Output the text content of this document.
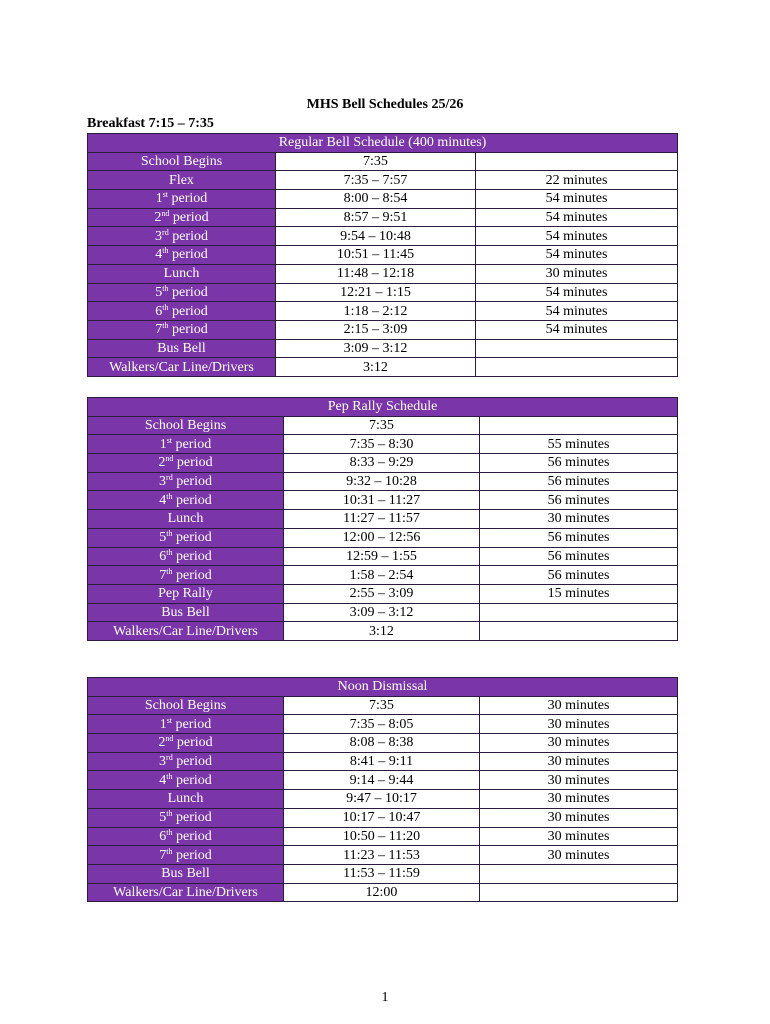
MHS Bell Schedules 25/26
Breakfast 7:15 – 7:35
Regular Bell Schedule (400 minutes)		
School Begins	7:35	
Flex	7:35 – 7:57	22 minutes
1st period	8:00 – 8:54	54 minutes
2nd period	8:57 – 9:51	54 minutes
3rd period	9:54 – 10:48	54 minutes
4th period	10:51 – 11:45	54 minutes
Lunch	11:48 – 12:18	30 minutes
5th period	12:21 – 1:15	54 minutes
6th period	1:18 – 2:12	54 minutes
7th period	2:15 – 3:09	54 minutes
Bus Bell	3:09 – 3:12	
Walkers/Car Line/Drivers	3:12	
Pep Rally Schedule		
School Begins	7:35	
1st period	7:35 – 8:30	55 minutes
2nd period	8:33 – 9:29	56 minutes
3rd period	9:32 – 10:28	56 minutes
4th period	10:31 – 11:27	56 minutes
Lunch	11:27 – 11:57	30 minutes
5th period	12:00 – 12:56	56 minutes
6th period	12:59 – 1:55	56 minutes
7th period	1:58 – 2:54	56 minutes
Pep Rally	2:55 – 3:09	15 minutes
Bus Bell	3:09 – 3:12	
Walkers/Car Line/Drivers	3:12	
Noon Dismissal		
School Begins	7:35	30 minutes
1st period	7:35 – 8:05	30 minutes
2nd period	8:08 – 8:38	30 minutes
3rd period	8:41 – 9:11	30 minutes
4th period	9:14 – 9:44	30 minutes
Lunch	9:47 – 10:17	30 minutes
5th period	10:17 – 10:47	30 minutes
6th period	10:50 – 11:20	30 minutes
7th period	11:23 – 11:53	30 minutes
Bus Bell	11:53 – 11:59	
Walkers/Car Line/Drivers	12:00	
1
